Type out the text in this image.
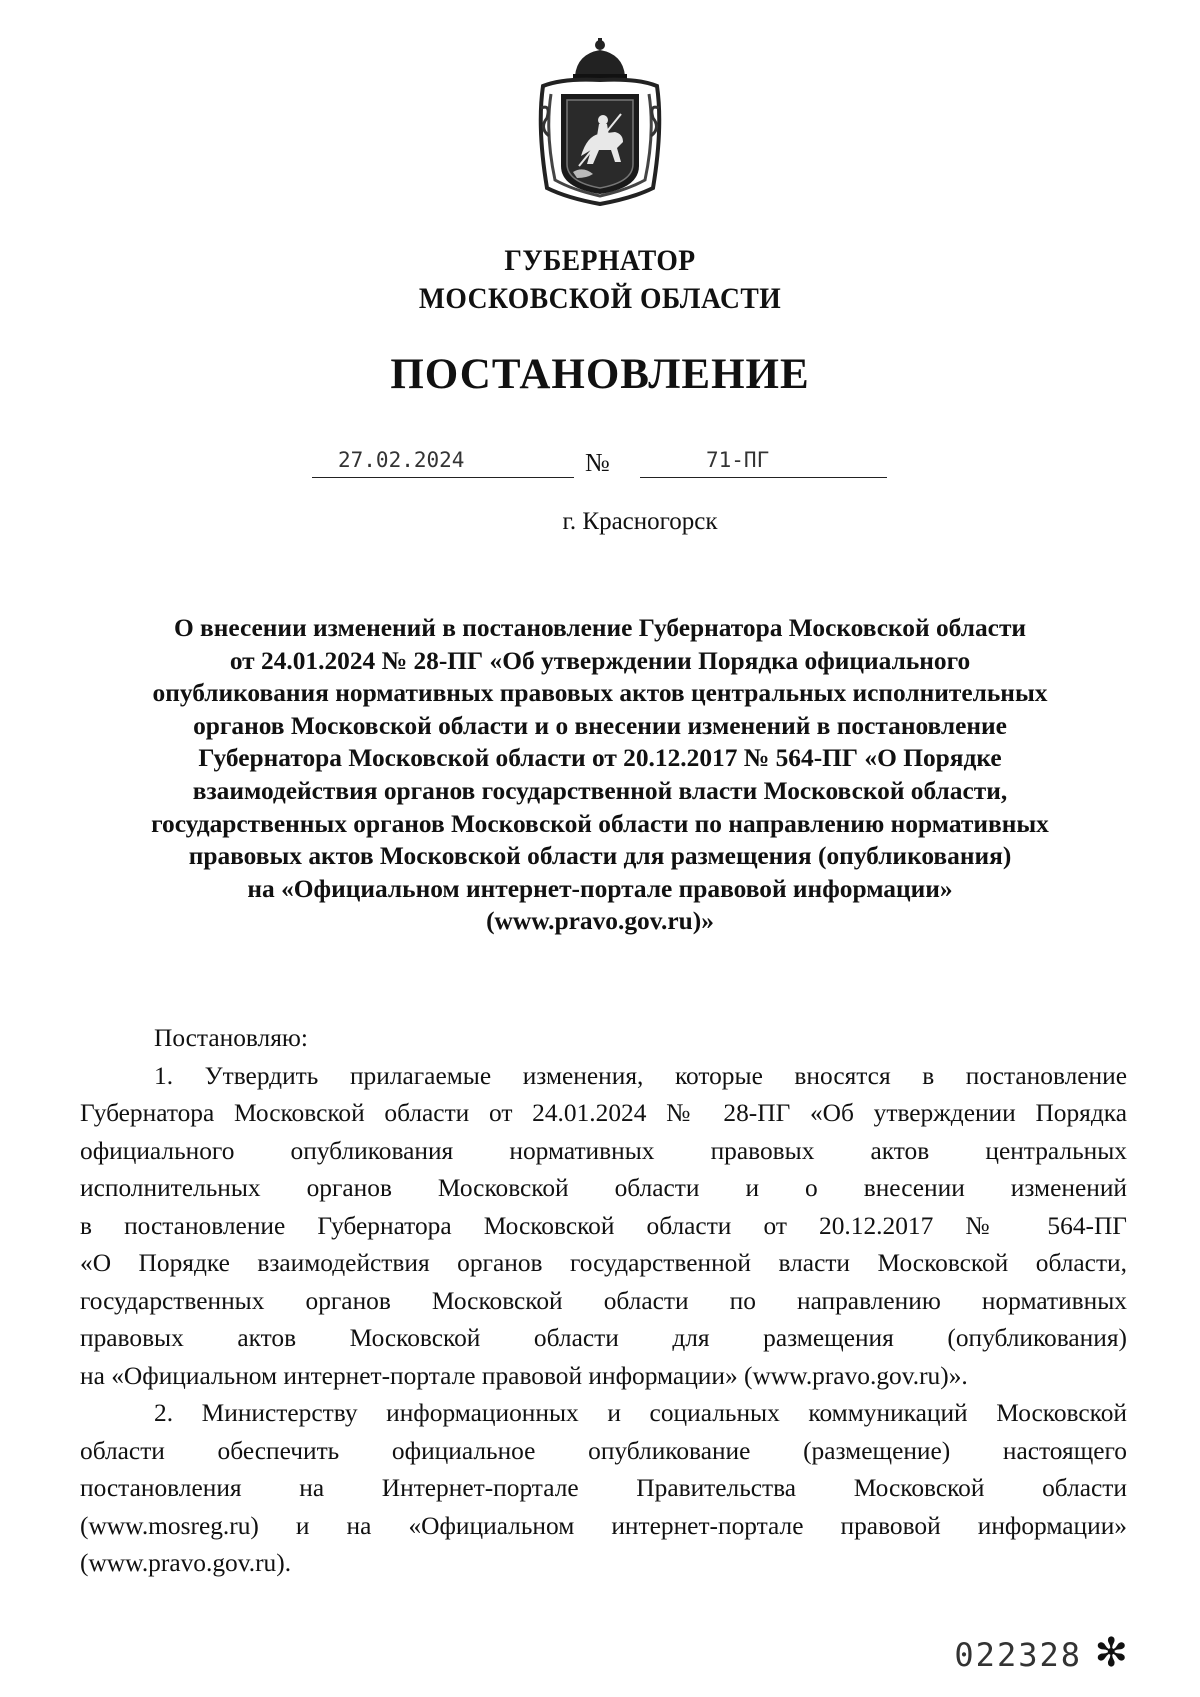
ГУБЕРНАТОР
МОСКОВСКОЙ ОБЛАСТИ
ПОСТАНОВЛЕНИЕ
27.02.2024	№	71-ПГ
г. Красногорск
О внесении изменений в постановление Губернатора Московской области
от 24.01.2024 № 28-ПГ «Об утверждении Порядка официального
опубликования нормативных правовых актов центральных исполнительных
органов Московской области и о внесении изменений в постановление
Губернатора Московской области от 20.12.2017 № 564-ПГ «О Порядке
взаимодействия органов государственной власти Московской области,
государственных органов Московской области по направлению нормативных
правовых актов Московской области для размещения (опубликования)
на «Официальном интернет-портале правовой информации»
(www.pravo.gov.ru)»
Постановляю:
1. Утвердить прилагаемые изменения, которые вносятся в постановление
Губернатора Московской области от 24.01.2024 № 28-ПГ «Об утверждении Порядка
официального опубликования нормативных правовых актов центральных
исполнительных органов Московской области и о внесении изменений
в постановление Губернатора Московской области от 20.12.2017 № 564-ПГ
«О Порядке взаимодействия органов государственной власти Московской области,
государственных органов Московской области по направлению нормативных
правовых актов Московской области для размещения (опубликования)
на «Официальном интернет-портале правовой информации» (www.pravo.gov.ru)».
2. Министерству информационных и социальных коммуникаций Московской
области обеспечить официальное опубликование (размещение) настоящего
постановления на Интернет-портале Правительства Московской области
(www.mosreg.ru) и на «Официальном интернет-портале правовой информации»
(www.pravo.gov.ru).
022328 ✻
